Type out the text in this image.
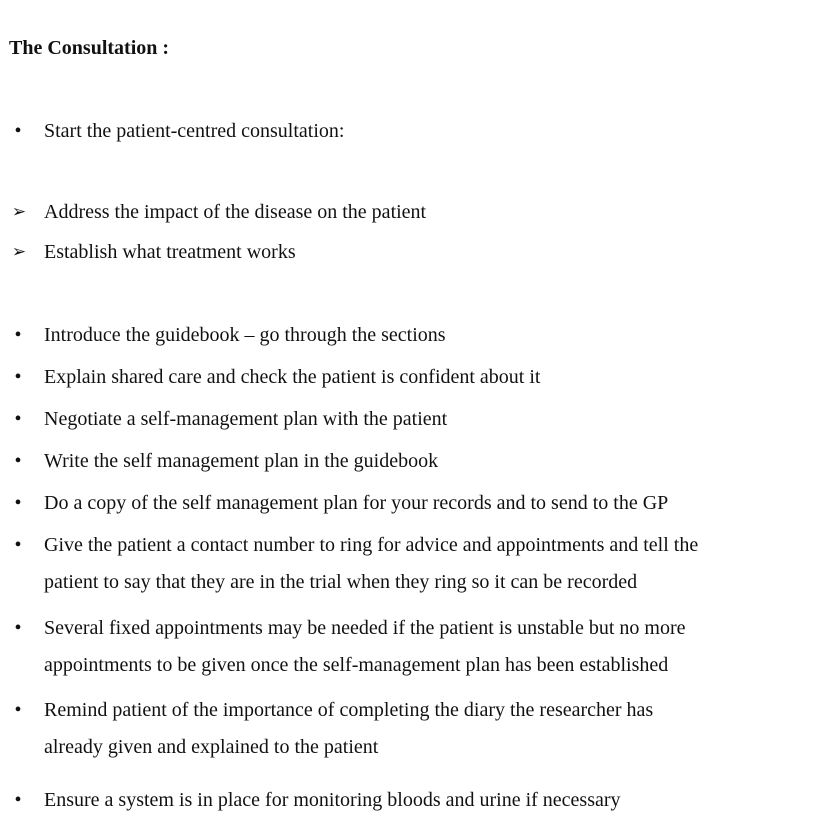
The Consultation :
•	Start the patient-centred consultation:
➢ Address the impact of the disease on the patient
➢ Establish what treatment works
•	Introduce the guidebook – go through the sections
•	Explain shared care and check the patient is confident about it
•	Negotiate a self-management plan with the patient
•	Write the self management plan in the guidebook
•	Do a copy of the self management plan for your records and to send to the GP
•	Give the patient a contact number to ring for advice and appointments and tell the
patient to say that they are in the trial when they ring so it can be recorded
•	Several fixed appointments may be needed if the patient is unstable but no more
appointments to be given once the self-management plan has been established
•	Remind patient of the importance of completing the diary the researcher has
already given and explained to the patient
•	Ensure a system is in place for monitoring bloods and urine if necessary
